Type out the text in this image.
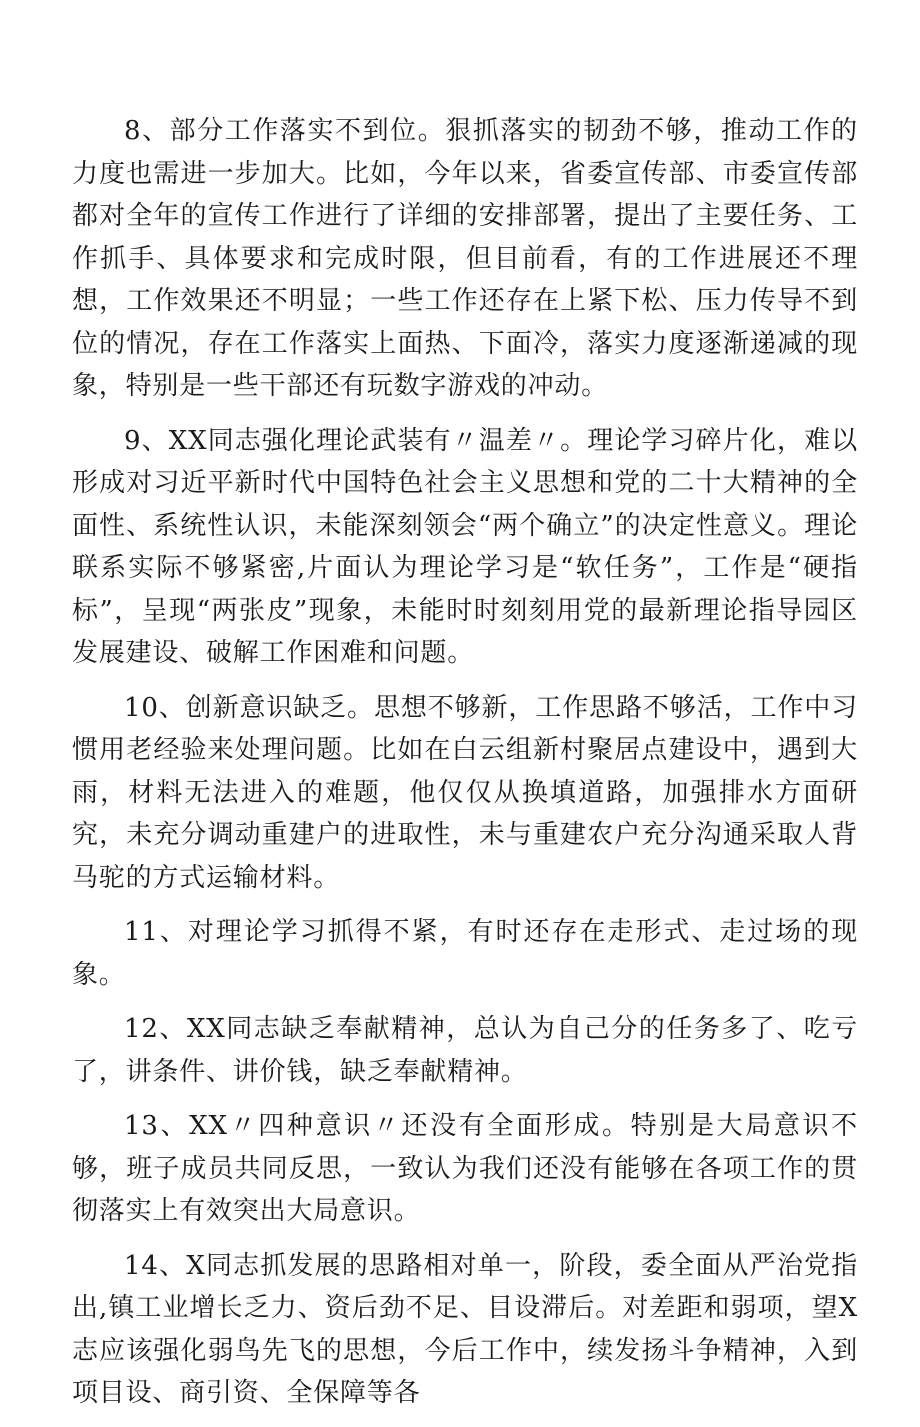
8、部分工作落实不到位。狠抓落实的韧劲不够，推动工作的力度也需进一步加大。比如，今年以来，省委宣传部、市委宣传部都对全年的宣传工作进行了详细的安排部署，提出了主要任务、工作抓手、具体要求和完成时限，但目前看，有的工作进展还不理想，工作效果还不明显；一些工作还存在上紧下松、压力传导不到位的情况，存在工作落实上面热、下面冷，落实力度逐渐递减的现象，特别是一些干部还有玩数字游戏的冲动。

9、XX同志强化理论武装有〃温差〃。理论学习碎片化，难以形成对习近平新时代中国特色社会主义思想和党的二十大精神的全面性、系统性认识，未能深刻领会“两个确立”的决定性意义。理论联系实际不够紧密,片面认为理论学习是“软任务”，工作是“硬指标”，呈现“两张皮”现象，未能时时刻刻用党的最新理论指导园区发展建设、破解工作困难和问题。

10、创新意识缺乏。思想不够新，工作思路不够活，工作中习惯用老经验来处理问题。比如在白云组新村聚居点建设中，遇到大雨，材料无法进入的难题，他仅仅从换填道路，加强排水方面研究，未充分调动重建户的进取性，未与重建农户充分沟通采取人背马驼的方式运输材料。

11、对理论学习抓得不紧，有时还存在走形式、走过场的现象。

12、XX同志缺乏奉献精神，总认为自己分的任务多了、吃亏了，讲条件、讲价钱，缺乏奉献精神。

13、XX〃四种意识〃还没有全面形成。特别是大局意识不够，班子成员共同反思，一致认为我们还没有能够在各项工作的贯彻落实上有效突出大局意识。

14、X同志抓发展的思路相对单一，阶段，委全面从严治党指出,镇工业增长乏力、资后劲不足、目设滞后。对差距和弱项，望X志应该强化弱鸟先飞的思想，今后工作中，续发扬斗争精神，入到项目设、商引资、全保障等各
